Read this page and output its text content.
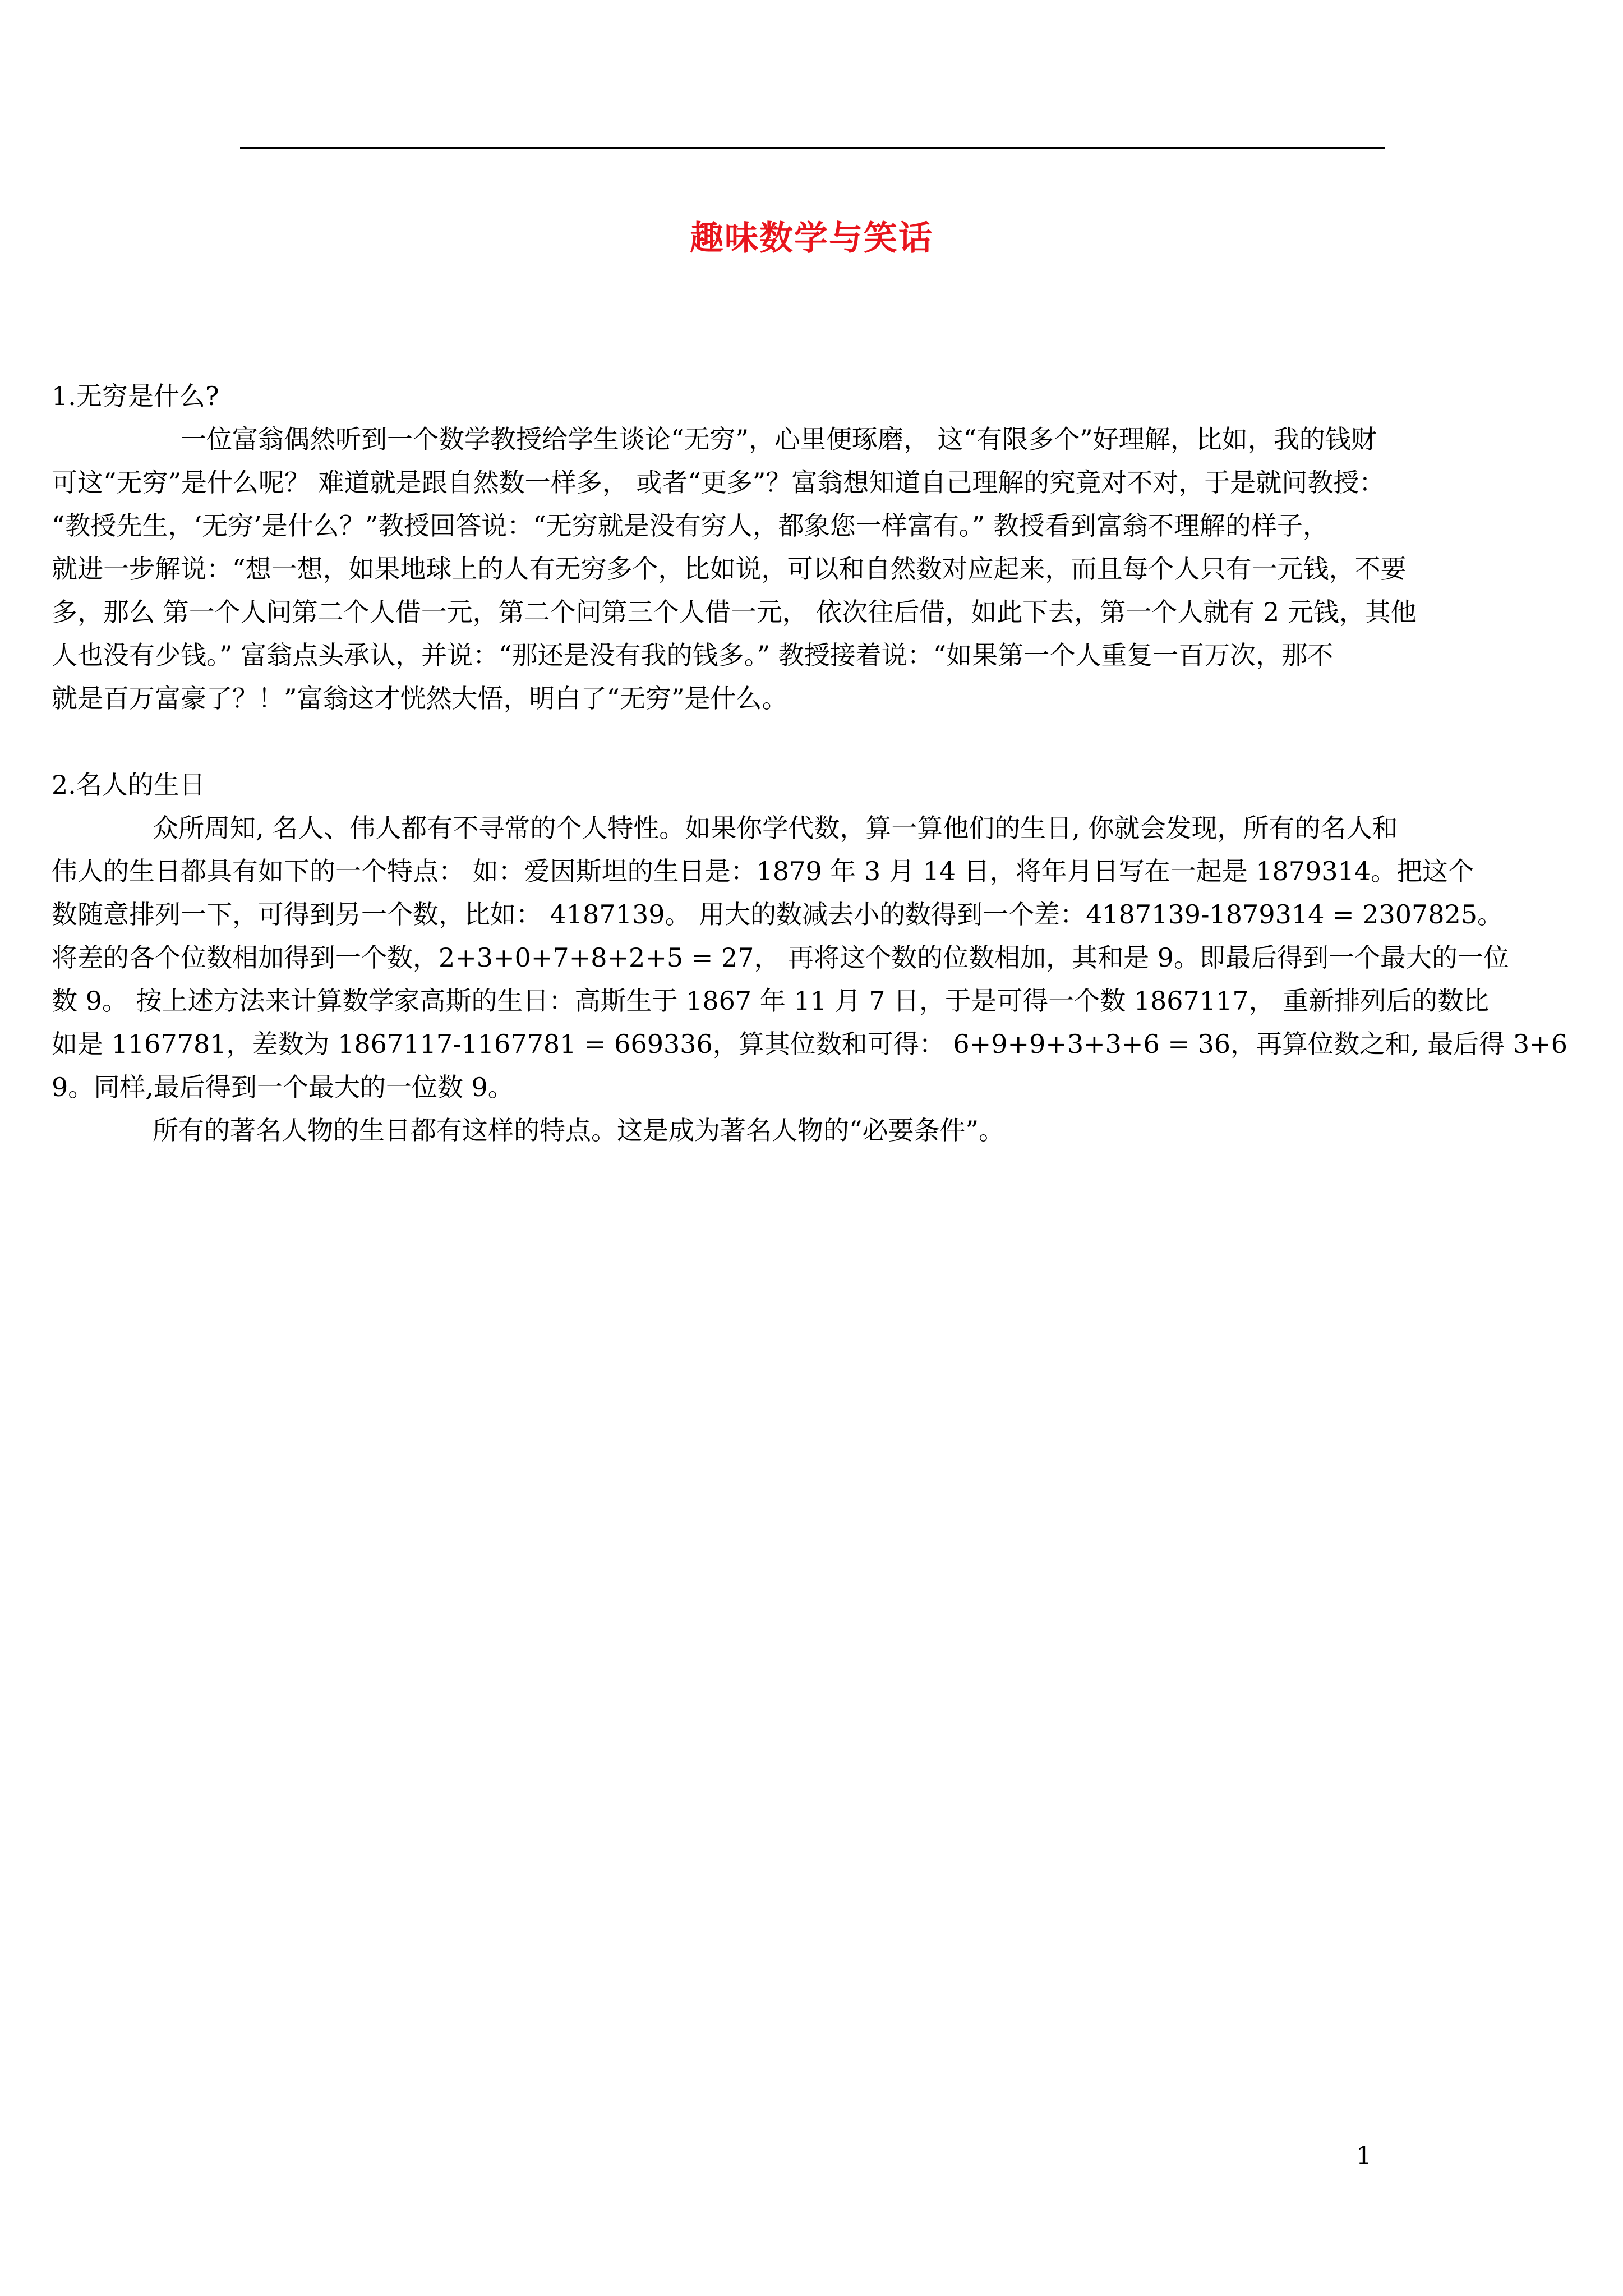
趣味数学与笑话
1.无穷是什么?
一位富翁偶然听到一个数学教授给学生谈论“无穷”，心里便琢磨， 这“有限多个”好理解，比如，我的钱财
可这“无穷”是什么呢？ 难道就是跟自然数一样多， 或者“更多”？富翁想知道自己理解的究竟对不对，于是就问教授：
“教授先生，‘无穷’是什么？”教授回答说：“无穷就是没有穷人，都象您一样富有。” 教授看到富翁不理解的样子，
就进一步解说：“想一想，如果地球上的人有无穷多个，比如说，可以和自然数对应起来，而且每个人只有一元钱，不要
多，那么 第一个人问第二个人借一元，第二个问第三个人借一元， 依次往后借，如此下去，第一个人就有 2 元钱，其他
人也没有少钱。” 富翁点头承认，并说：“那还是没有我的钱多。” 教授接着说：“如果第一个人重复一百万次，那不
就是百万富豪了？！”富翁这才恍然大悟，明白了“无穷”是什么。
2.名人的生日
众所周知, 名人、伟人都有不寻常的个人特性。如果你学代数，算一算他们的生日, 你就会发现，所有的名人和
伟人的生日都具有如下的一个特点： 如：爱因斯坦的生日是：1879 年 3 月 14 日，将年月日写在一起是 1879314。把这个
数随意排列一下，可得到另一个数，比如： 4187139。 用大的数减去小的数得到一个差：4187139-1879314 = 2307825。
将差的各个位数相加得到一个数，2+3+0+7+8+2+5 = 27， 再将这个数的位数相加，其和是 9。即最后得到一个最大的一位
数 9。 按上述方法来计算数学家高斯的生日：高斯生于 1867 年 11 月 7 日，于是可得一个数 1867117， 重新排列后的数比
如是 1167781，差数为 1867117-1167781 = 669336，算其位数和可得： 6+9+9+3+3+6 = 36，再算位数之和, 最后得 3+6
9。同样,最后得到一个最大的一位数 9。
所有的著名人物的生日都有这样的特点。这是成为著名人物的“必要条件”。
1
